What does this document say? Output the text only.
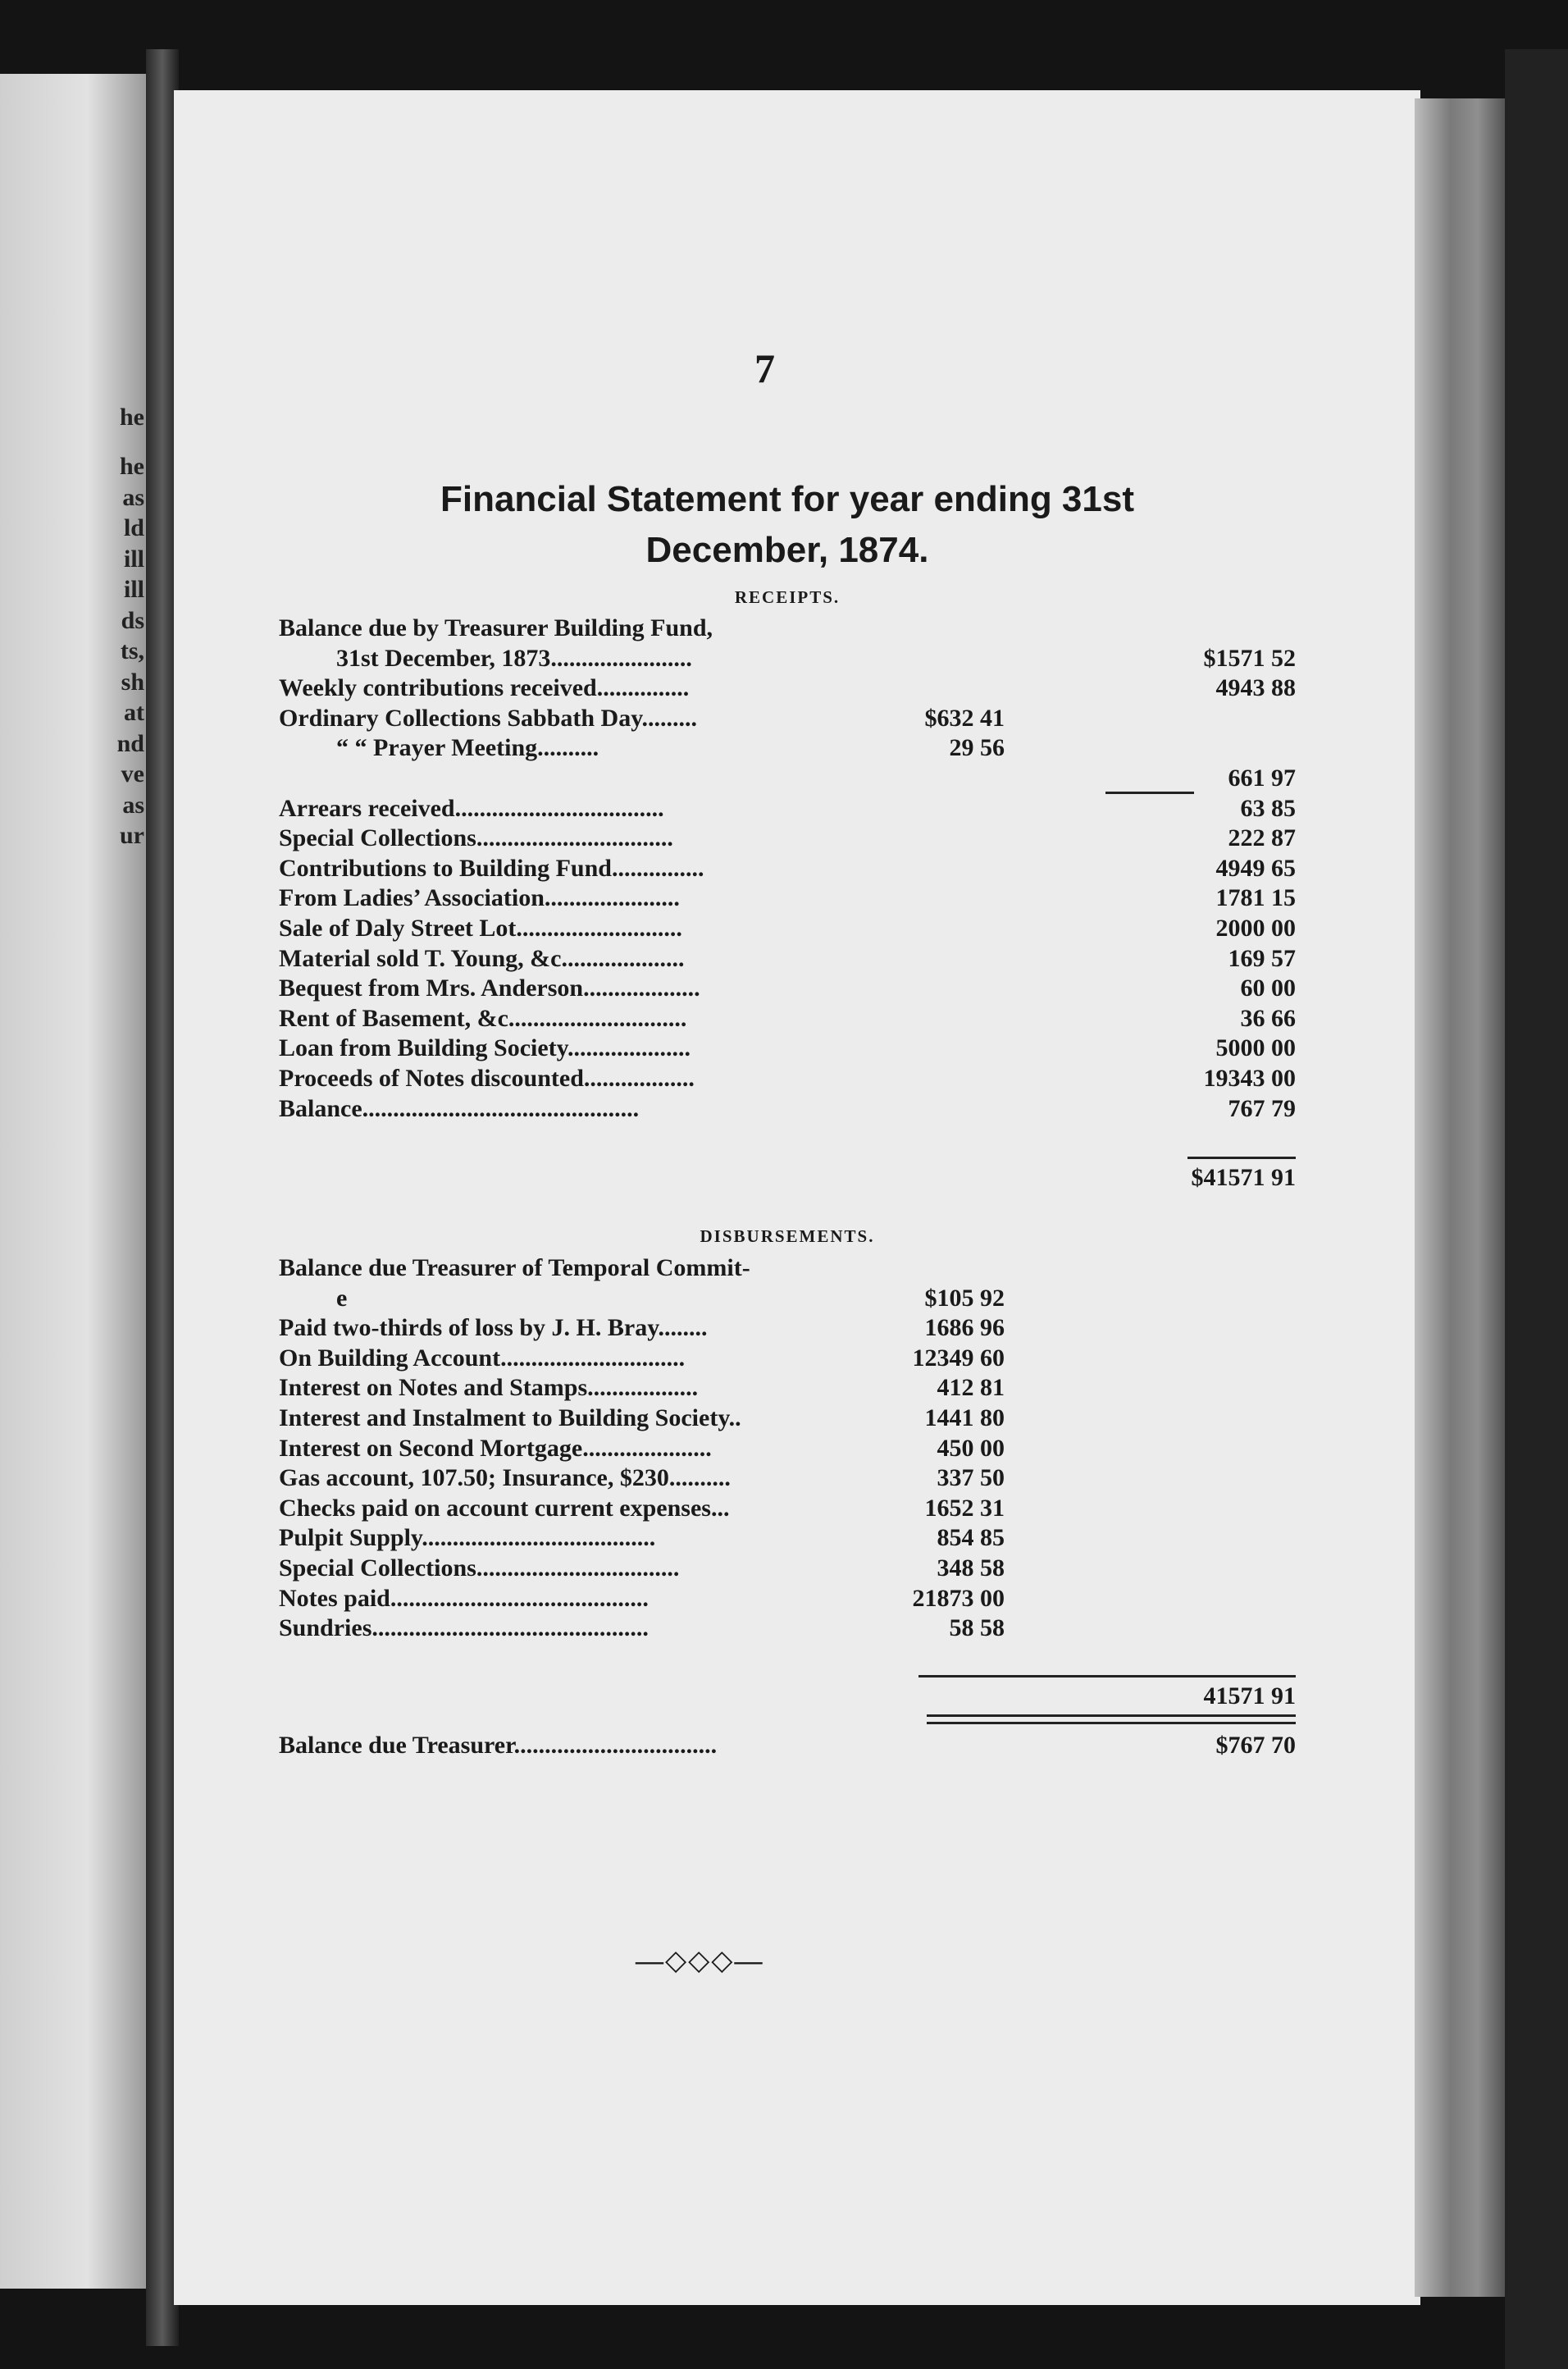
he
he
as
ld
ill
ill
ds
ts,
sh
at
nd
ve
as
ur
7
Financial Statement for year ending 31st
December, 1874.
RECEIPTS.
Balance due by Treasurer Building Fund,
31st December, 1873.......................	$1571 52
Weekly contributions received...............	4943 88
Ordinary Collections Sabbath Day.........	$632 41
“ “ Prayer Meeting..........	29 56
661 97
Arrears received..................................	63 85
Special Collections................................	222 87
Contributions to Building Fund...............	4949 65
From Ladies’ Association......................	1781 15
Sale of Daly Street Lot...........................	2000 00
Material sold T. Young, &c....................	169 57
Bequest from Mrs. Anderson...................	60 00
Rent of Basement, &c.............................	36 66
Loan from Building Society....................	5000 00
Proceeds of Notes discounted..................	19343 00
Balance.............................................	767 79
$41571 91
DISBURSEMENTS.
Balance due Treasurer of Temporal Commit-
e	$105 92
Paid two-thirds of loss by J. H. Bray........	1686 96
On Building Account..............................	12349 60
Interest on Notes and Stamps..................	412 81
Interest and Instalment to Building Society..	1441 80
Interest on Second Mortgage.....................	450 00
Gas account, 107.50; Insurance, $230..........	337 50
Checks paid on account current expenses...	1652 31
Pulpit Supply......................................	854 85
Special Collections.................................	348 58
Notes paid..........................................	21873 00
Sundries.............................................	58 58
41571 91
Balance due Treasurer.................................	$767 70
—◇◇◇—
